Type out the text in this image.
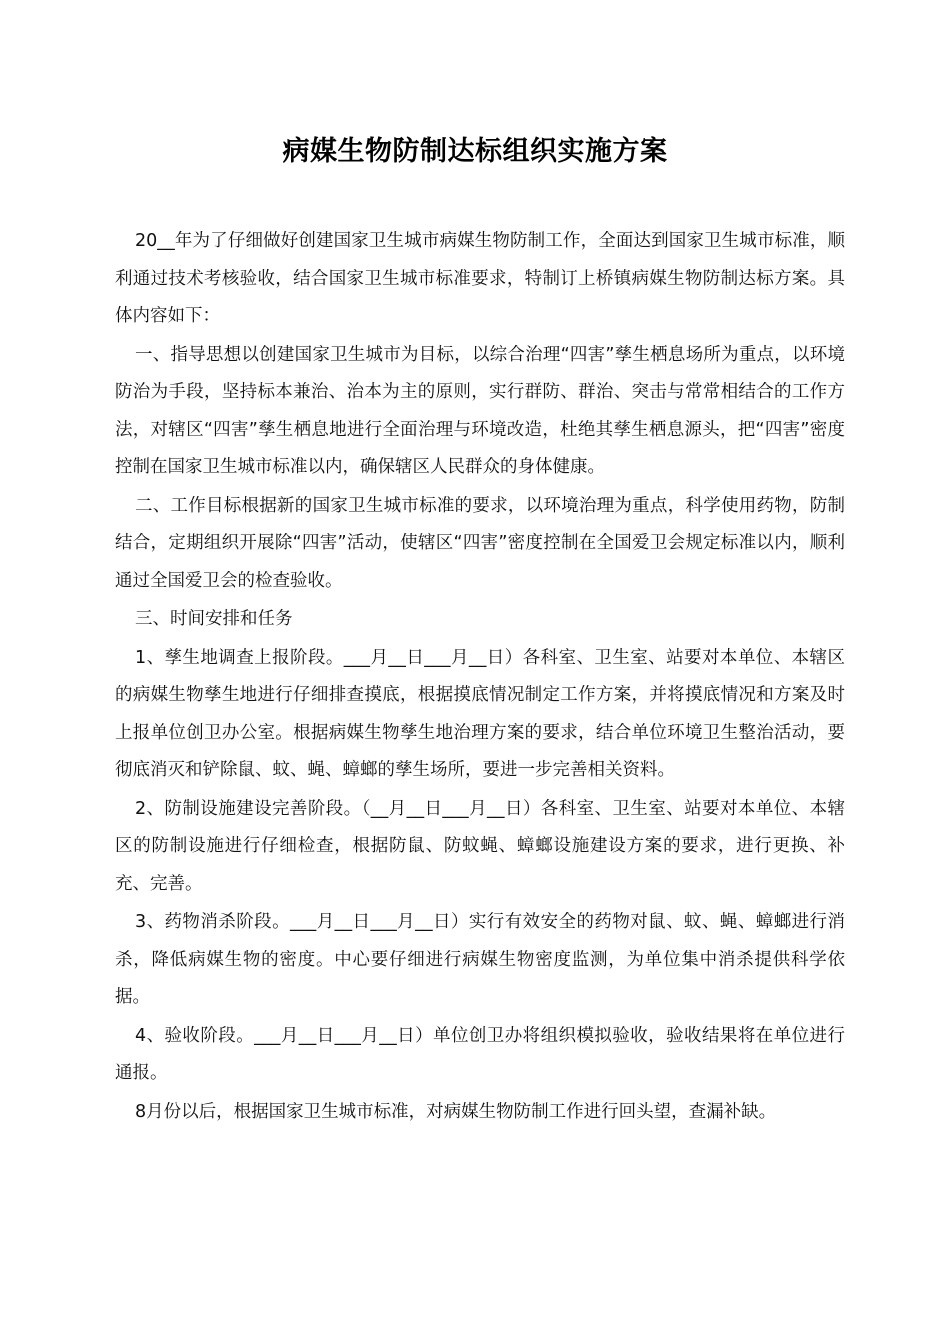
病媒生物防制达标组织实施方案

20__年为了仔细做好创建国家卫生城市病媒生物防制工作，全面达到国家卫生城市标准，顺利通过技术考核验收，结合国家卫生城市标准要求，特制订上桥镇病媒生物防制达标方案。具体内容如下：

一、指导思想以创建国家卫生城市为目标，以综合治理“四害”孳生栖息场所为重点，以环境防治为手段，坚持标本兼治、治本为主的原则，实行群防、群治、突击与常常相结合的工作方法，对辖区“四害”孳生栖息地进行全面治理与环境改造，杜绝其孳生栖息源头，把“四害”密度控制在国家卫生城市标准以内，确保辖区人民群众的身体健康。

二、工作目标根据新的国家卫生城市标准的要求，以环境治理为重点，科学使用药物，防制结合，定期组织开展除“四害”活动，使辖区“四害”密度控制在全国爱卫会规定标准以内，顺利通过全国爱卫会的检查验收。

三、时间安排和任务

1、孳生地调查上报阶段。___月__日___月__日）各科室、卫生室、站要对本单位、本辖区的病媒生物孳生地进行仔细排查摸底，根据摸底情况制定工作方案，并将摸底情况和方案及时上报单位创卫办公室。根据病媒生物孳生地治理方案的要求，结合单位环境卫生整治活动，要彻底消灭和铲除鼠、蚊、蝇、蟑螂的孳生场所，要进一步完善相关资料。

2、防制设施建设完善阶段。（__月__日___月__日）各科室、卫生室、站要对本单位、本辖区的防制设施进行仔细检查，根据防鼠、防蚊蝇、蟑螂设施建设方案的要求，进行更换、补充、完善。

3、药物消杀阶段。___月__日___月__日）实行有效安全的药物对鼠、蚊、蝇、蟑螂进行消杀，降低病媒生物的密度。中心要仔细进行病媒生物密度监测，为单位集中消杀提供科学依据。

4、验收阶段。___月__日___月__日）单位创卫办将组织模拟验收，验收结果将在单位进行通报。

8月份以后，根据国家卫生城市标准，对病媒生物防制工作进行回头望，查漏补缺。
